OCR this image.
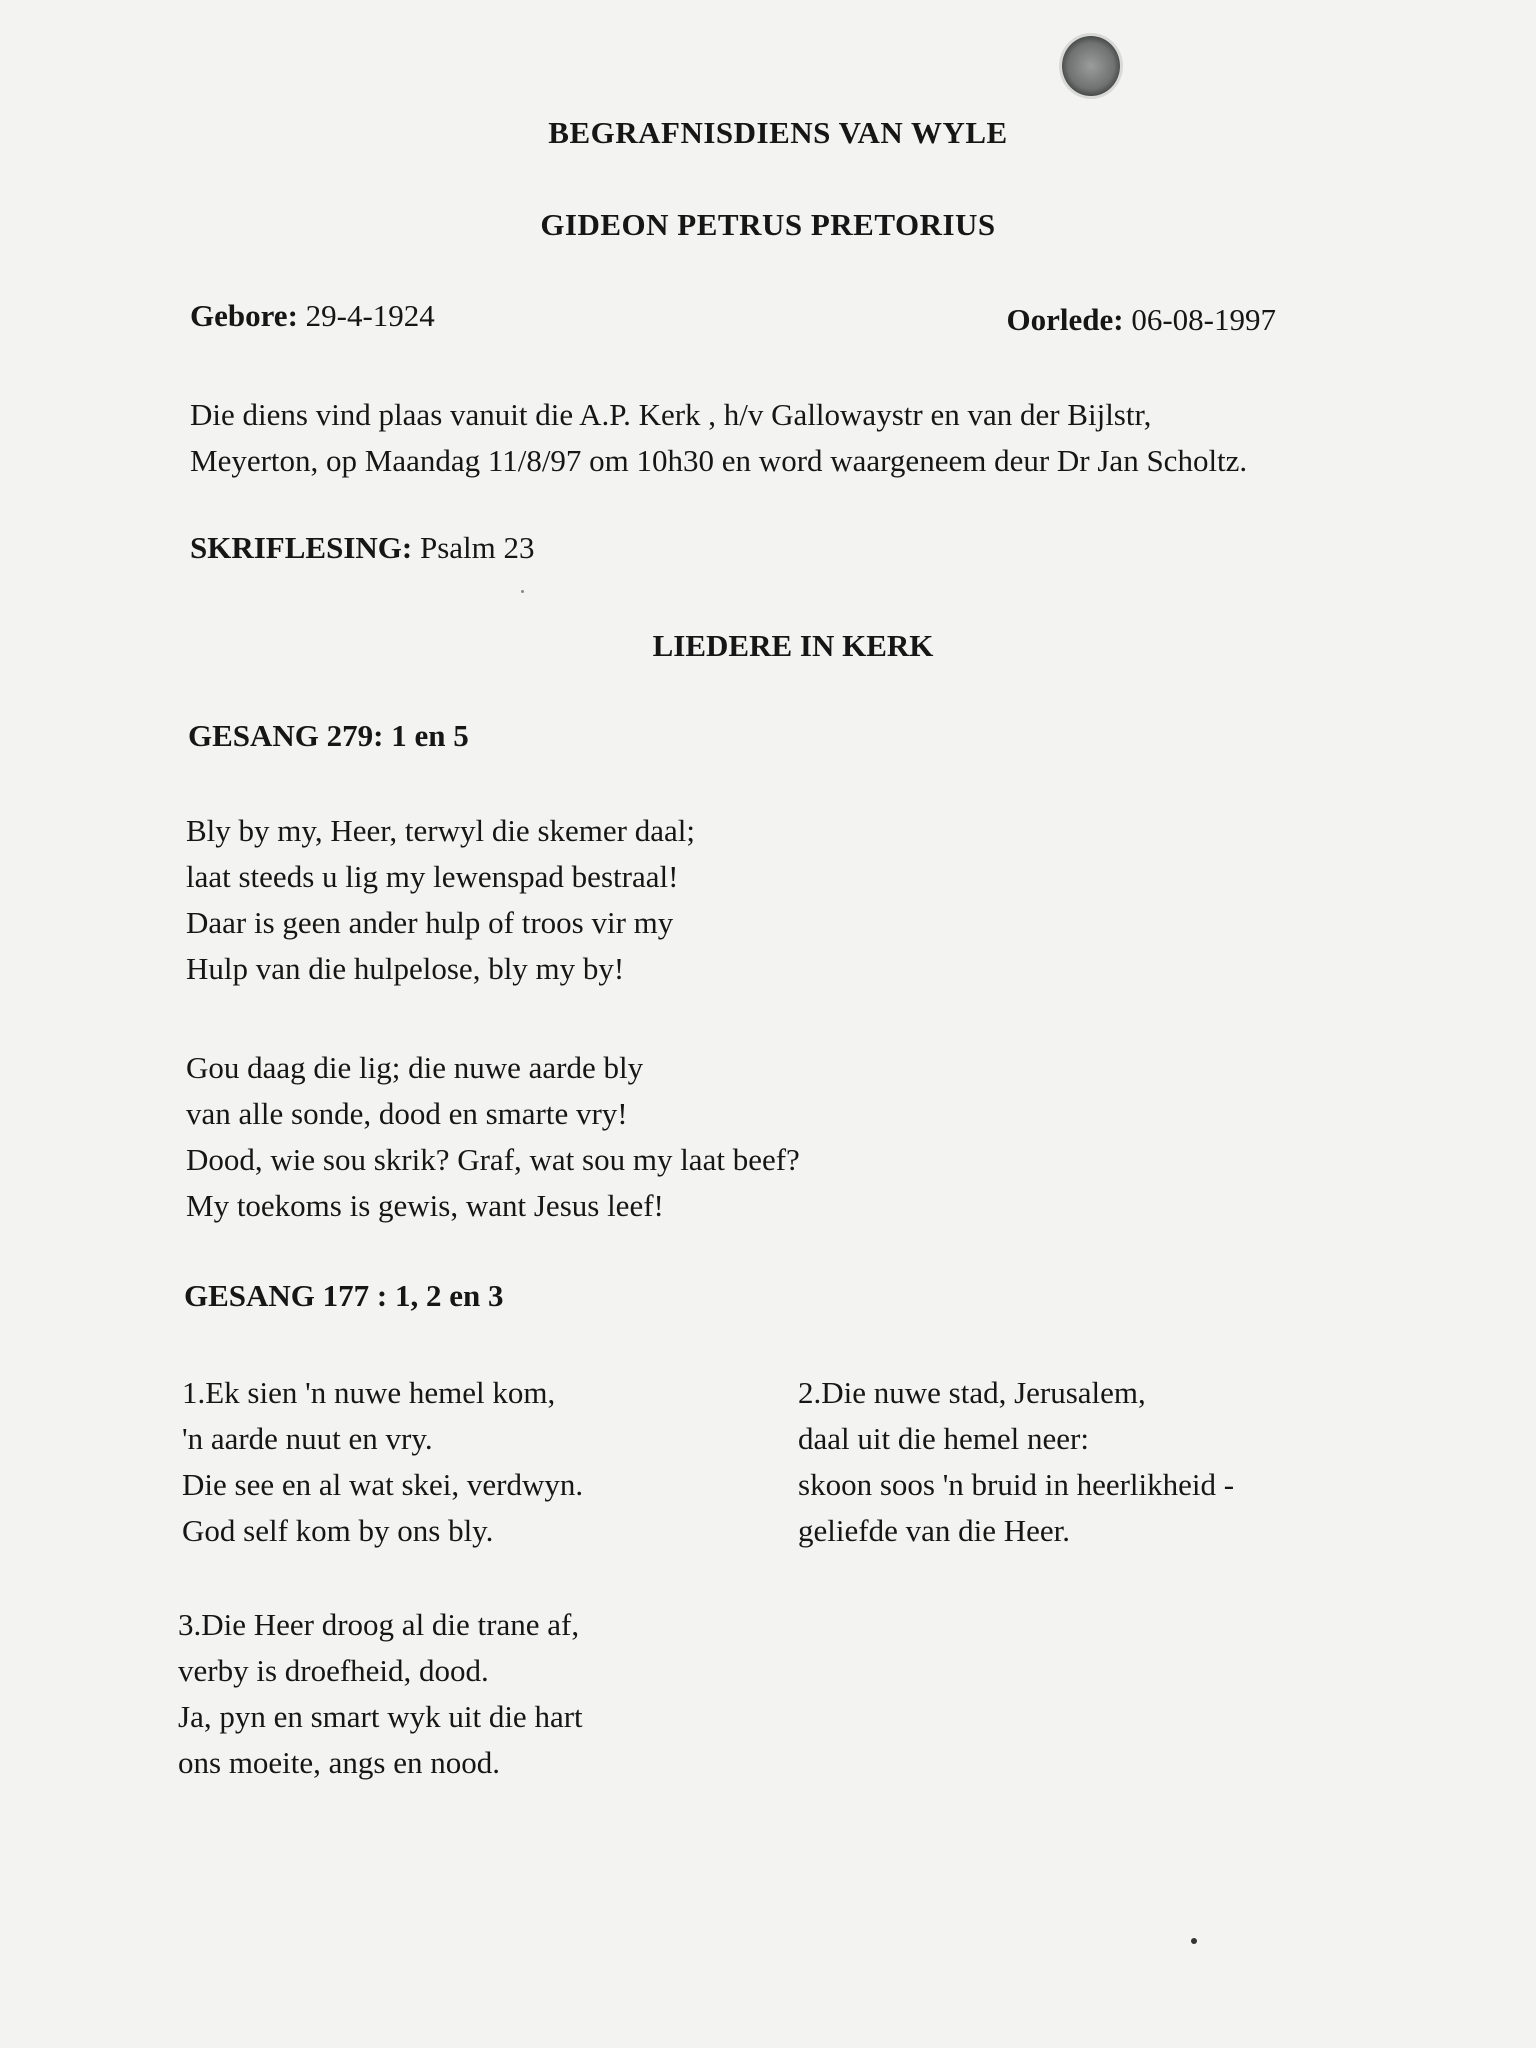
BEGRAFNISDIENS VAN WYLE
GIDEON PETRUS PRETORIUS
Gebore: 29-4-1924	Oorlede: 06-08-1997
Die diens vind plaas vanuit die A.P. Kerk , h/v Gallowaystr en van der Bijlstr,
Meyerton, op Maandag 11/8/97 om 10h30 en word waargeneem deur Dr Jan Scholtz.
SKRIFLESING: Psalm 23
LIEDERE IN KERK
GESANG 279: 1 en 5
Bly by my, Heer, terwyl die skemer daal;
laat steeds u lig my lewenspad bestraal!
Daar is geen ander hulp of troos vir my
Hulp van die hulpelose, bly my by!
Gou daag die lig; die nuwe aarde bly
van alle sonde, dood en smarte vry!
Dood, wie sou skrik? Graf, wat sou my laat beef?
My toekoms is gewis, want Jesus leef!
GESANG 177 : 1, 2 en 3
1.Ek sien 'n nuwe hemel kom,
'n aarde nuut en vry.
Die see en al wat skei, verdwyn.
God self kom by ons bly.
2.Die nuwe stad, Jerusalem,
daal uit die hemel neer:
skoon soos 'n bruid in heerlikheid -
geliefde van die Heer.
3.Die Heer droog al die trane af,
verby is droefheid, dood.
Ja, pyn en smart wyk uit die hart
ons moeite, angs en nood.
